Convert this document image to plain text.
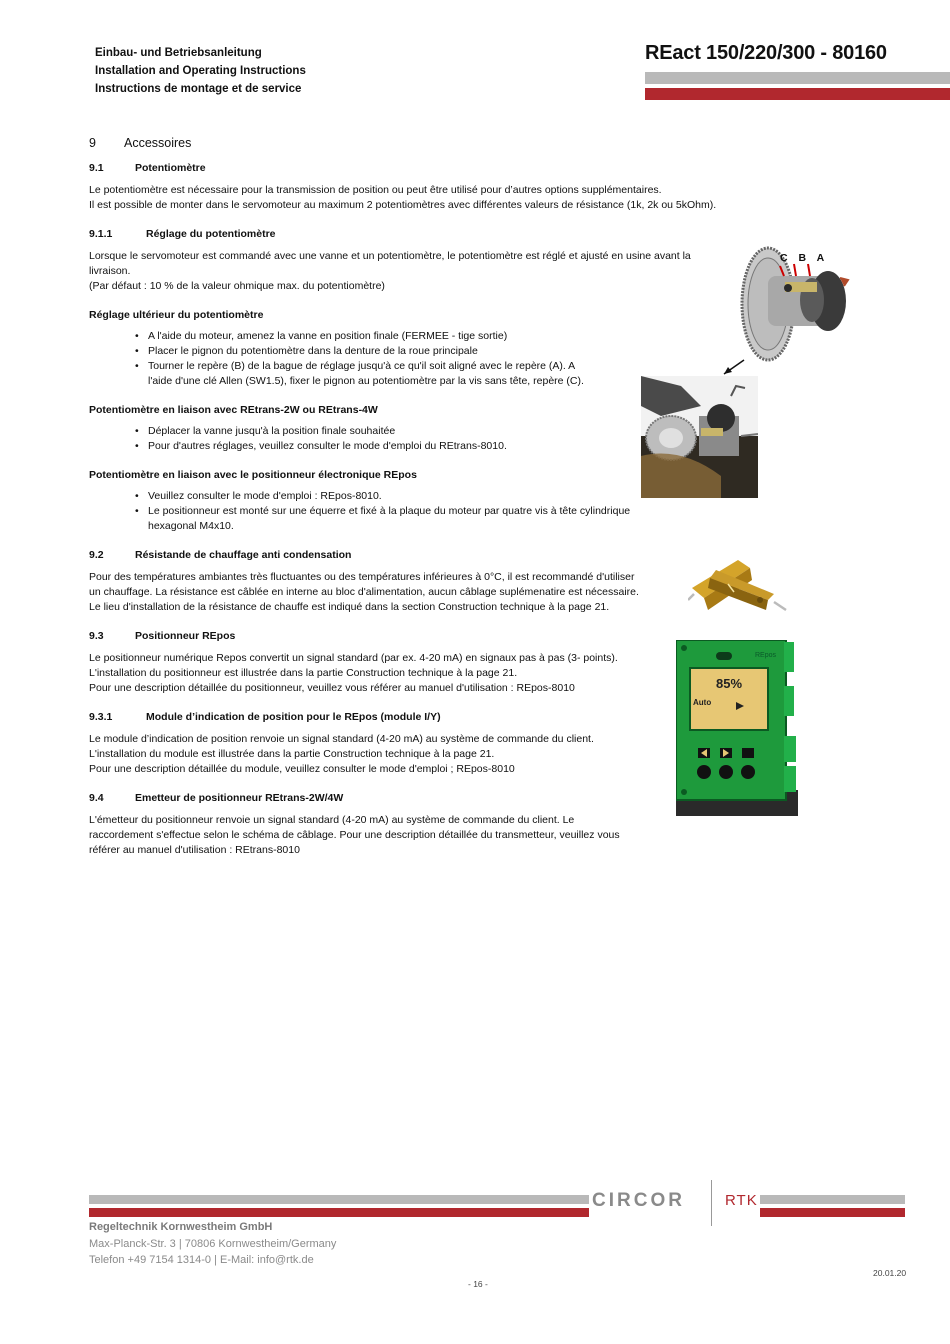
Einbau- und Betriebsanleitung
Installation and Operating Instructions
Instructions de montage et de service
REact 150/220/300 - 80160
9	Accessoires
9.1	Potentiomètre
Le potentiomètre est nécessaire pour la transmission de position ou peut être utilisé pour d’autres options supplémentaires.
Il est possible de monter dans le servomoteur au maximum 2 potentiomètres avec différentes valeurs de résistance (1k, 2k ou 5kOhm).
9.1.1	Réglage du potentiomètre
Lorsque le servomoteur est commandé avec une vanne et un potentiomètre, le potentiomètre est réglé et ajusté en usine avant la
livraison.
(Par défaut : 10 % de la valeur ohmique max. du potentiomètre)
Réglage ultérieur du potentiomètre
• A l'aide du moteur, amenez la vanne en position finale (FERMEE - tige sortie)
• Placer le pignon du potentiomètre dans la denture de la roue principale
• Tourner le repère (B) de la bague de réglage jusqu'à ce qu'il soit aligné avec le repère (A). A l'aide d'une clé Allen (SW1.5), fixer le pignon au potentiomètre par la vis sans tête, repère (C).
Potentiomètre en liaison avec REtrans-2W ou REtrans-4W
• Déplacer la vanne jusqu'à la position finale souhaitée
• Pour d'autres réglages, veuillez consulter le mode d'emploi du REtrans-8010.
Potentiomètre en liaison avec le positionneur électronique REpos
• Veuillez consulter le mode d'emploi : REpos-8010.
• Le positionneur est monté sur une équerre et fixé à la plaque du moteur par quatre vis à tête cylindrique hexagonal M4x10.
9.2	Résistande de chauffage anti condensation
Pour des températures ambiantes très fluctuantes ou des températures inférieures à 0°C, il est recommandé d'utiliser
un chauffage. La résistance est câblée en interne au bloc d'alimentation, aucun câblage suplémenatire est nécessaire.
Le lieu d'installation de la résistance de chauffe est indiqué dans la section Construction technique à la page 21.
9.3	Positionneur REpos
Le positionneur numérique Repos convertit un signal standard (par ex. 4-20 mA) en signaux pas à pas (3- points).
L'installation du positionneur est illustrée dans la partie Construction technique à la page 21.
Pour une description détaillée du positionneur, veuillez vous référer au manuel d'utilisation : REpos-8010
9.3.1	Module d’indication de position pour le REpos (module I/Y)
Le module d’indication de position renvoie un signal standard (4-20 mA) au système de commande du client.
L'installation du module est illustrée dans la partie Construction technique à la page 21.
Pour une description détaillée du module, veuillez consulter le mode d'emploi ; REpos-8010
9.4	Emetteur de positionneur REtrans-2W/4W
L'émetteur du positionneur renvoie un signal standard (4-20 mA) au système de commande du client. Le
raccordement s'effectue selon le schéma de câblage. Pour une description détaillée du transmetteur, veuillez vous
référer au manuel d'utilisation : REtrans-8010
C B A
85%
Auto
REpos
CIRCOR	RTK
Regeltechnik Kornwestheim GmbH
Max-Planck-Str. 3 | 70806 Kornwestheim/Germany
Telefon +49 7154 1314-0 | E-Mail: info@rtk.de
20.01.20
- 16 -
